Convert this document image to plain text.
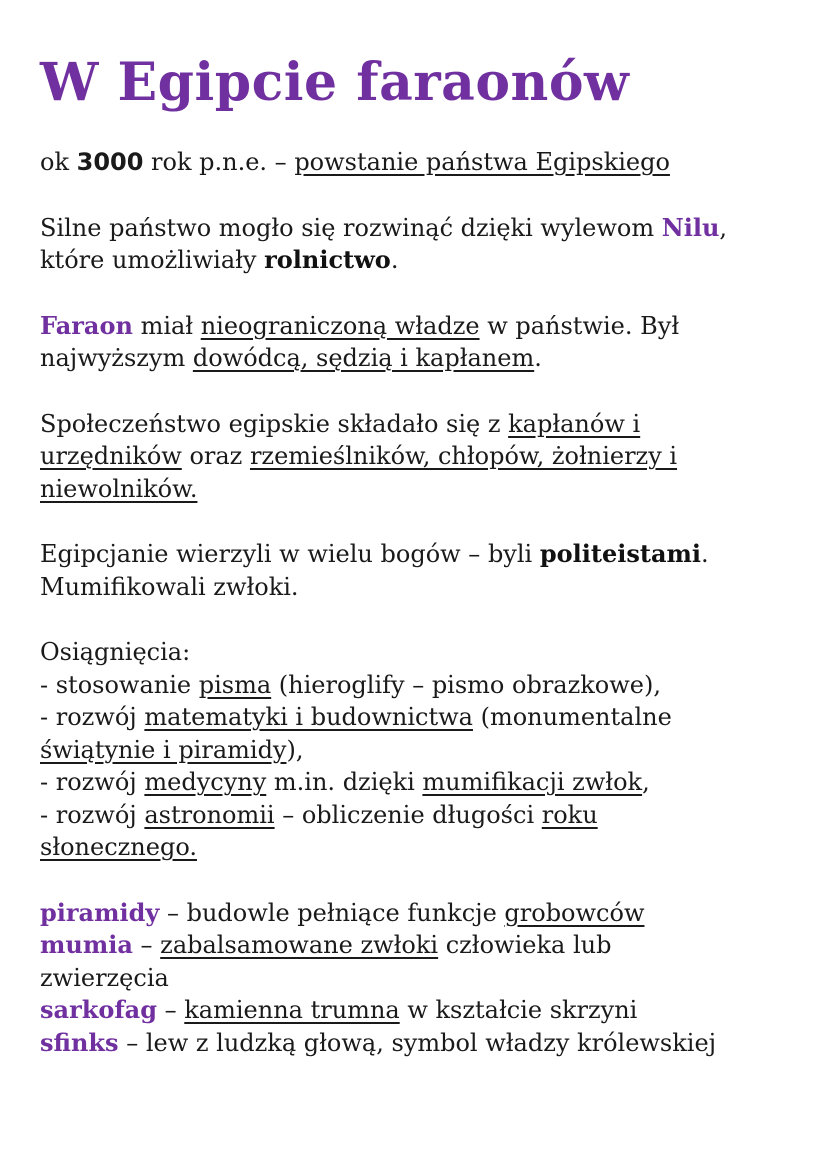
W Egipcie faraonów
ok 3000 rok p.n.e. – powstanie państwa Egipskiego
Silne państwo mogło się rozwinąć dzięki wylewom Nilu,
które umożliwiały rolnictwo.
Faraon miał nieograniczoną władze w państwie. Był
najwyższym dowódcą, sędzią i kapłanem.
Społeczeństwo egipskie składało się z kapłanów i
urzędników oraz rzemieślników, chłopów, żołnierzy i
niewolników.
Egipcjanie wierzyli w wielu bogów – byli politeistami.
Mumifikowali zwłoki.
Osiągnięcia:
- stosowanie pisma (hieroglify – pismo obrazkowe),
- rozwój matematyki i budownictwa (monumentalne
świątynie i piramidy),
- rozwój medycyny m.in. dzięki mumifikacji zwłok,
- rozwój astronomii – obliczenie długości roku
słonecznego.
piramidy – budowle pełniące funkcje grobowców
mumia – zabalsamowane zwłoki człowieka lub
zwierzęcia
sarkofag – kamienna trumna w kształcie skrzyni
sfinks – lew z ludzką głową, symbol władzy królewskiej
